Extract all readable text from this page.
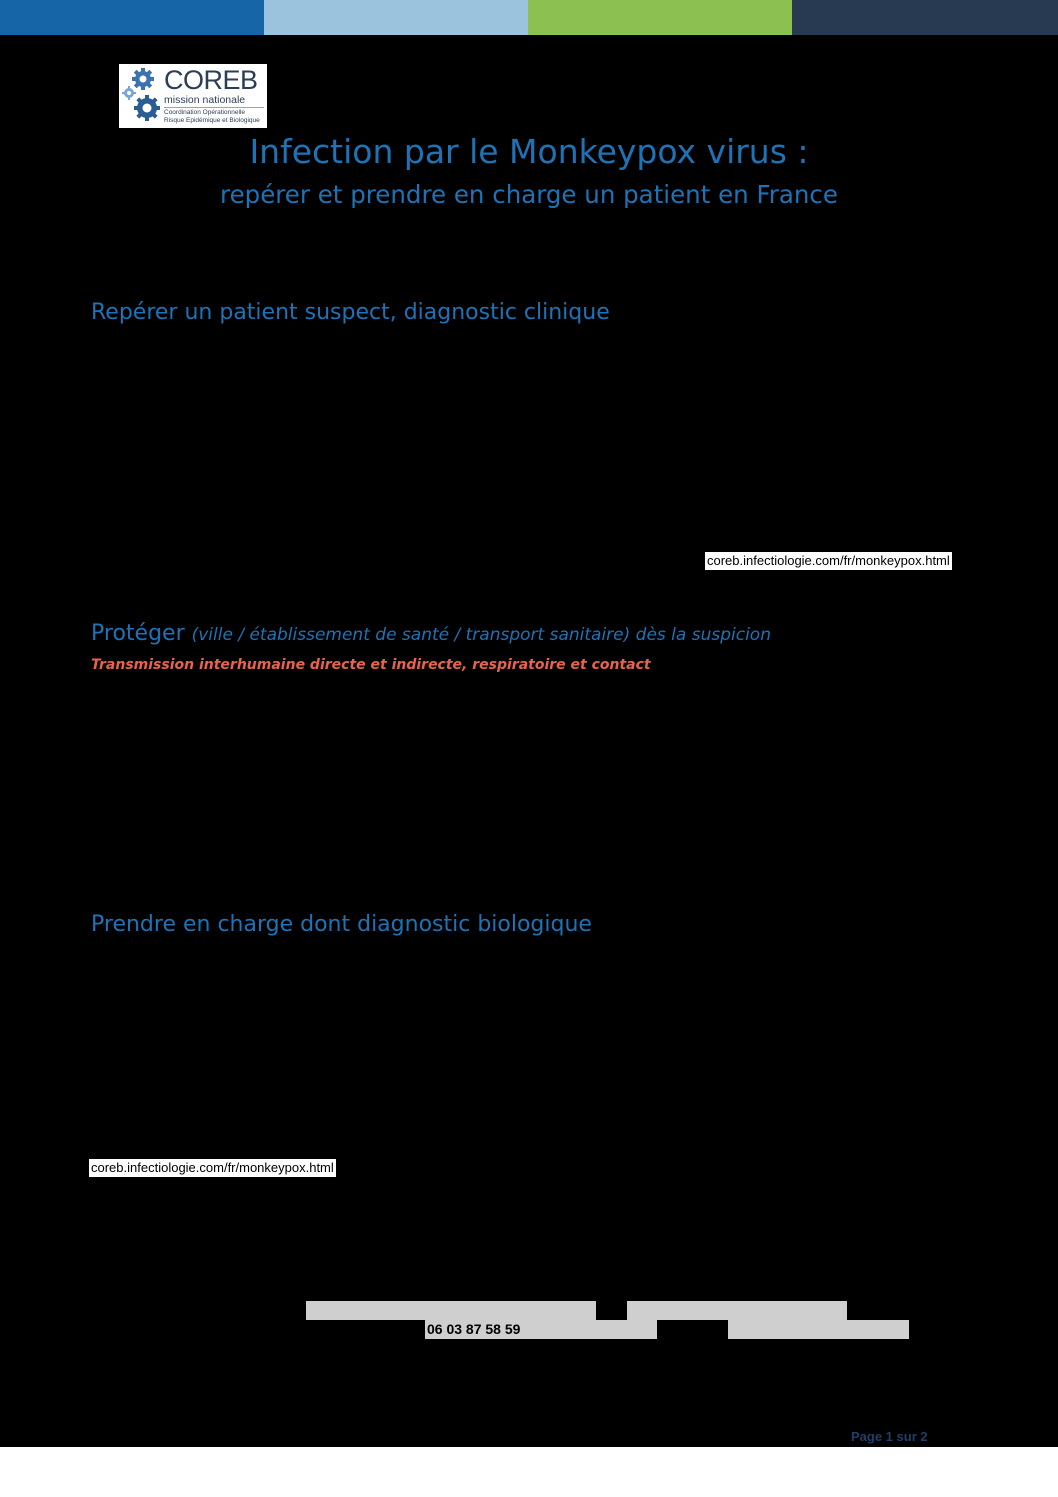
COREB
mission nationale
Coordination Opérationnelle
Risque Epidémique et Biologique
Infection par le Monkeypox virus :
repérer et prendre en charge un patient en France
Repérer un patient suspect, diagnostic clinique
coreb.infectiologie.com/fr/monkeypox.html
Protéger (ville / établissement de santé / transport sanitaire) dès la suspicion
Transmission interhumaine directe et indirecte, respiratoire et contact
Prendre en charge dont diagnostic biologique
coreb.infectiologie.com/fr/monkeypox.html
06 03 87 58 59
Page 1 sur 2
